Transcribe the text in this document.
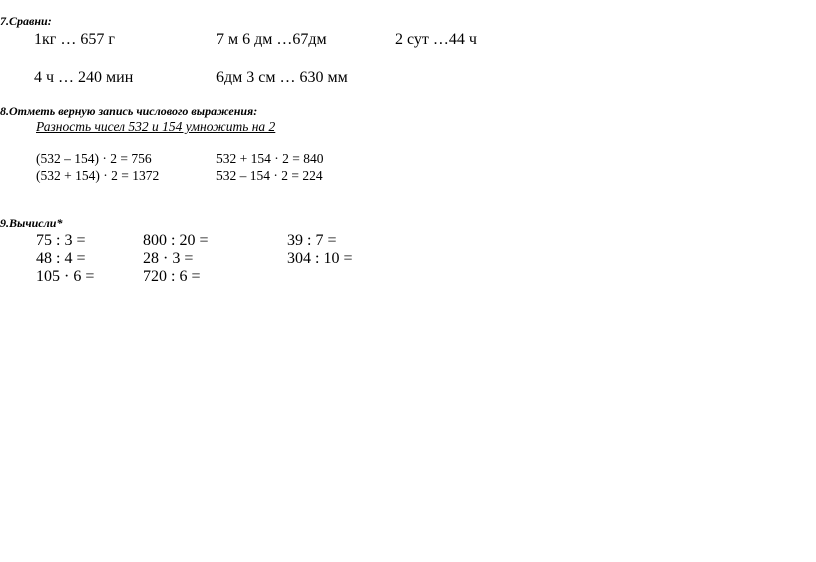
7.Сравни:
1кг … 657 г	7 м 6 дм …67дм	2 сут …44 ч
4 ч … 240 мин	6дм 3 см … 630 мм
8.Отметь верную запись числового выражения:
Разность чисел 532 и 154 умножить на 2
(532 – 154) · 2 = 756	532 + 154 · 2 = 840
(532 + 154) · 2 = 1372	532 – 154 · 2 = 224
9.Вычисли*
75 : 3 =	800 : 20 =	39 : 7 =
48 : 4 =	28 · 3 =	304 : 10 =
105 · 6 =	720 : 6 =
